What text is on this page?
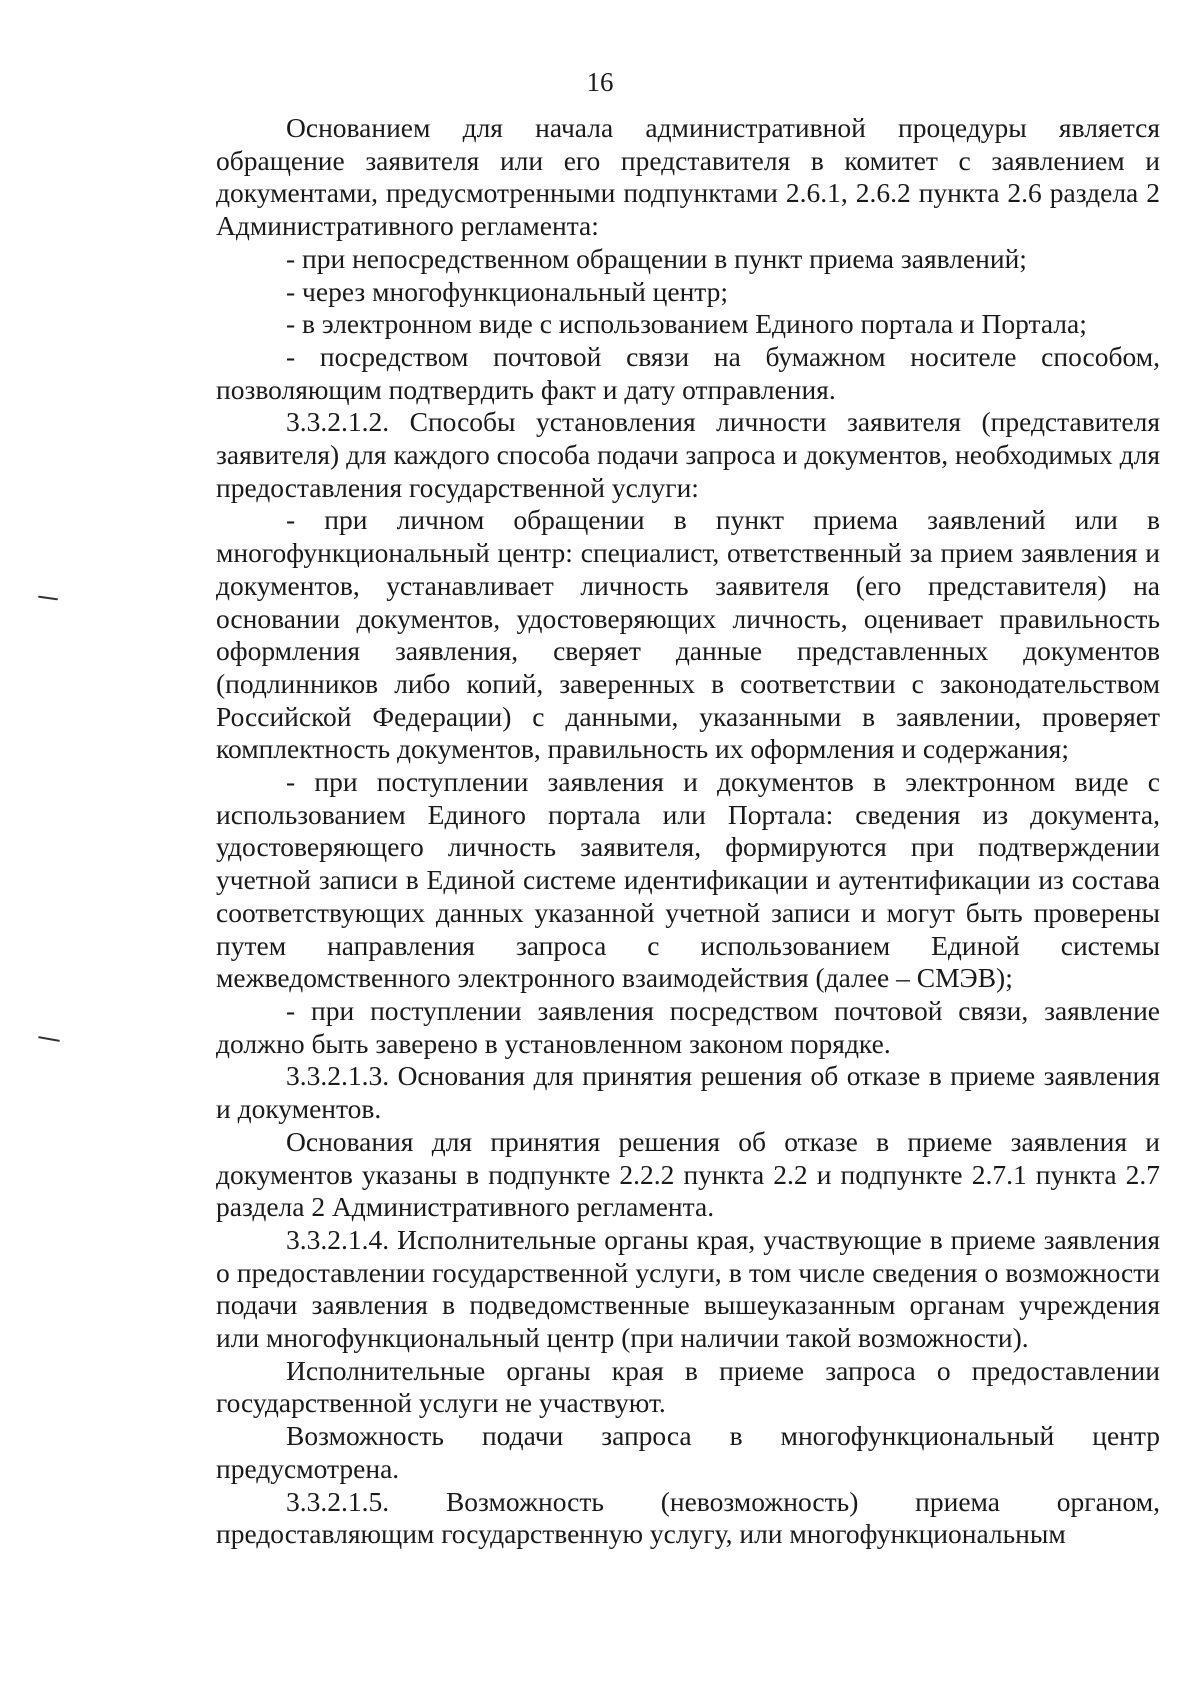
16

Основанием для начала административной процедуры является обращение заявителя или его представителя в комитет с заявлением и документами, предусмотренными подпунктами 2.6.1, 2.6.2 пункта 2.6 раздела 2 Административного регламента:

- при непосредственном обращении в пункт приема заявлений;

- через многофункциональный центр;

- в электронном виде с использованием Единого портала и Портала;

- посредством почтовой связи на бумажном носителе способом, позволяющим подтвердить факт и дату отправления.

3.3.2.1.2. Способы установления личности заявителя (представителя заявителя) для каждого способа подачи запроса и документов, необходимых для предоставления государственной услуги:

- при личном обращении в пункт приема заявлений или в многофункциональный центр: специалист, ответственный за прием заявления и документов, устанавливает личность заявителя (его представителя) на основании документов, удостоверяющих личность, оценивает правильность оформления заявления, сверяет данные представленных документов (подлинников либо копий, заверенных в соответствии с законодательством Российской Федерации) с данными, указанными в заявлении, проверяет комплектность документов, правильность их оформления и содержания;

- при поступлении заявления и документов в электронном виде с использованием Единого портала или Портала: сведения из документа, удостоверяющего личность заявителя, формируются при подтверждении учетной записи в Единой системе идентификации и аутентификации из состава соответствующих данных указанной учетной записи и могут быть проверены путем направления запроса с использованием Единой системы межведомственного электронного взаимодействия (далее – СМЭВ);

- при поступлении заявления посредством почтовой связи, заявление должно быть заверено в установленном законом порядке.

3.3.2.1.3. Основания для принятия решения об отказе в приеме заявления и документов.

Основания для принятия решения об отказе в приеме заявления и документов указаны в подпункте 2.2.2 пункта 2.2 и подпункте 2.7.1 пункта 2.7 раздела 2 Административного регламента.

3.3.2.1.4. Исполнительные органы края, участвующие в приеме заявления о предоставлении государственной услуги, в том числе сведения о возможности подачи заявления в подведомственные вышеуказанным органам учреждения или многофункциональный центр (при наличии такой возможности).

Исполнительные органы края в приеме запроса о предоставлении государственной услуги не участвуют.

Возможность подачи запроса в многофункциональный центр предусмотрена.

3.3.2.1.5. Возможность (невозможность) приема органом, предоставляющим государственную услугу, или многофункциональным
